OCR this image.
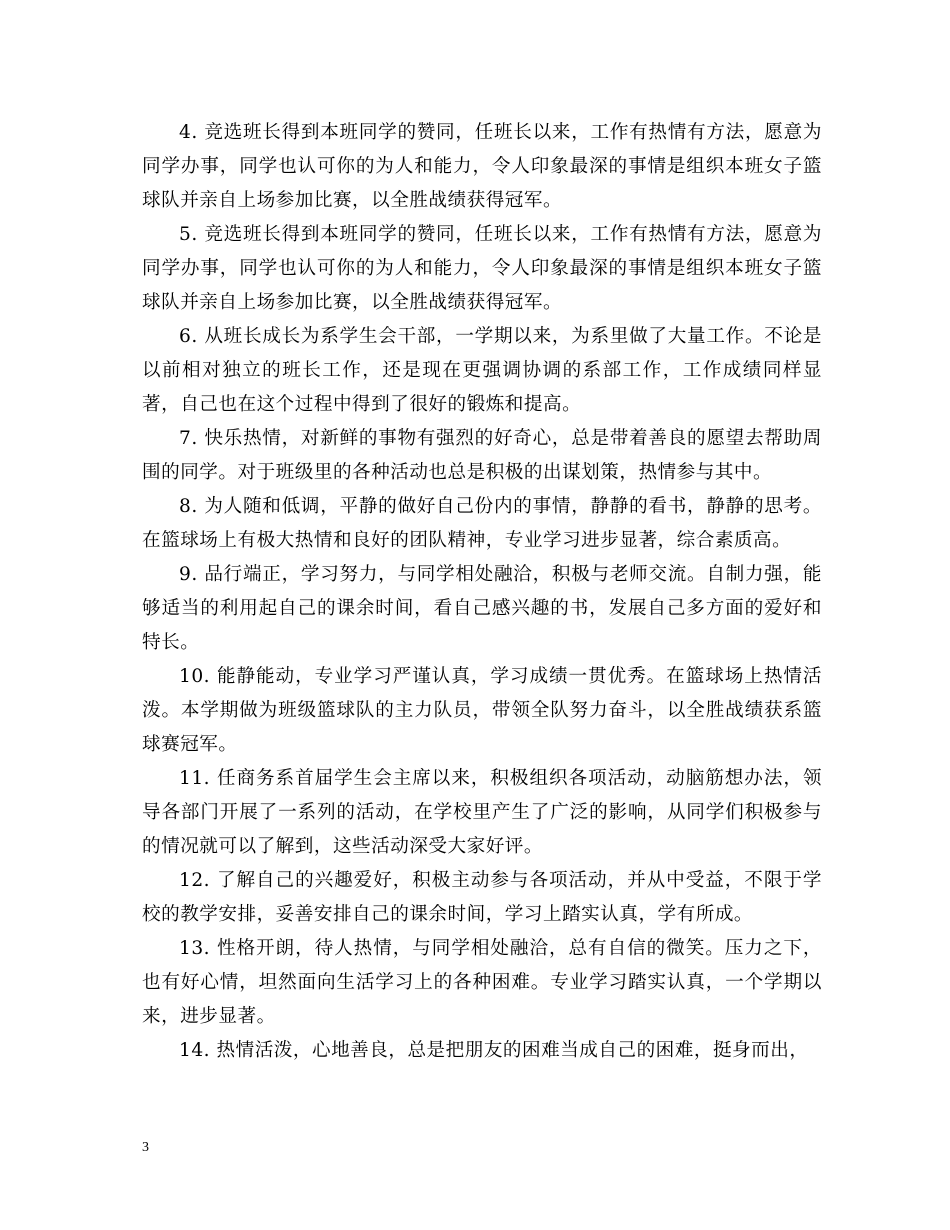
4. 竞选班长得到本班同学的赞同，任班长以来，工作有热情有方法，愿意为同学办事，同学也认可你的为人和能力，令人印象最深的事情是组织本班女子篮球队并亲自上场参加比赛，以全胜战绩获得冠军。

5. 竞选班长得到本班同学的赞同，任班长以来，工作有热情有方法，愿意为同学办事，同学也认可你的为人和能力，令人印象最深的事情是组织本班女子篮球队并亲自上场参加比赛，以全胜战绩获得冠军。

6. 从班长成长为系学生会干部，一学期以来，为系里做了大量工作。不论是以前相对独立的班长工作，还是现在更强调协调的系部工作，工作成绩同样显著，自己也在这个过程中得到了很好的锻炼和提高。

7. 快乐热情，对新鲜的事物有强烈的好奇心，总是带着善良的愿望去帮助周围的同学。对于班级里的各种活动也总是积极的出谋划策，热情参与其中。

8. 为人随和低调，平静的做好自己份内的事情，静静的看书，静静的思考。在篮球场上有极大热情和良好的团队精神，专业学习进步显著，综合素质高。

9. 品行端正，学习努力，与同学相处融洽，积极与老师交流。自制力强，能够适当的利用起自己的课余时间，看自己感兴趣的书，发展自己多方面的爱好和特长。

10. 能静能动，专业学习严谨认真，学习成绩一贯优秀。在篮球场上热情活泼。本学期做为班级篮球队的主力队员，带领全队努力奋斗，以全胜战绩获系篮球赛冠军。

11. 任商务系首届学生会主席以来，积极组织各项活动，动脑筋想办法，领导各部门开展了一系列的活动，在学校里产生了广泛的影响，从同学们积极参与的情况就可以了解到，这些活动深受大家好评。

12. 了解自己的兴趣爱好，积极主动参与各项活动，并从中受益，不限于学校的教学安排，妥善安排自己的课余时间，学习上踏实认真，学有所成。

13. 性格开朗，待人热情，与同学相处融洽，总有自信的微笑。压力之下，也有好心情，坦然面向生活学习上的各种困难。专业学习踏实认真，一个学期以来，进步显著。

14. 热情活泼，心地善良，总是把朋友的困难当成自己的困难，挺身而出，

3
